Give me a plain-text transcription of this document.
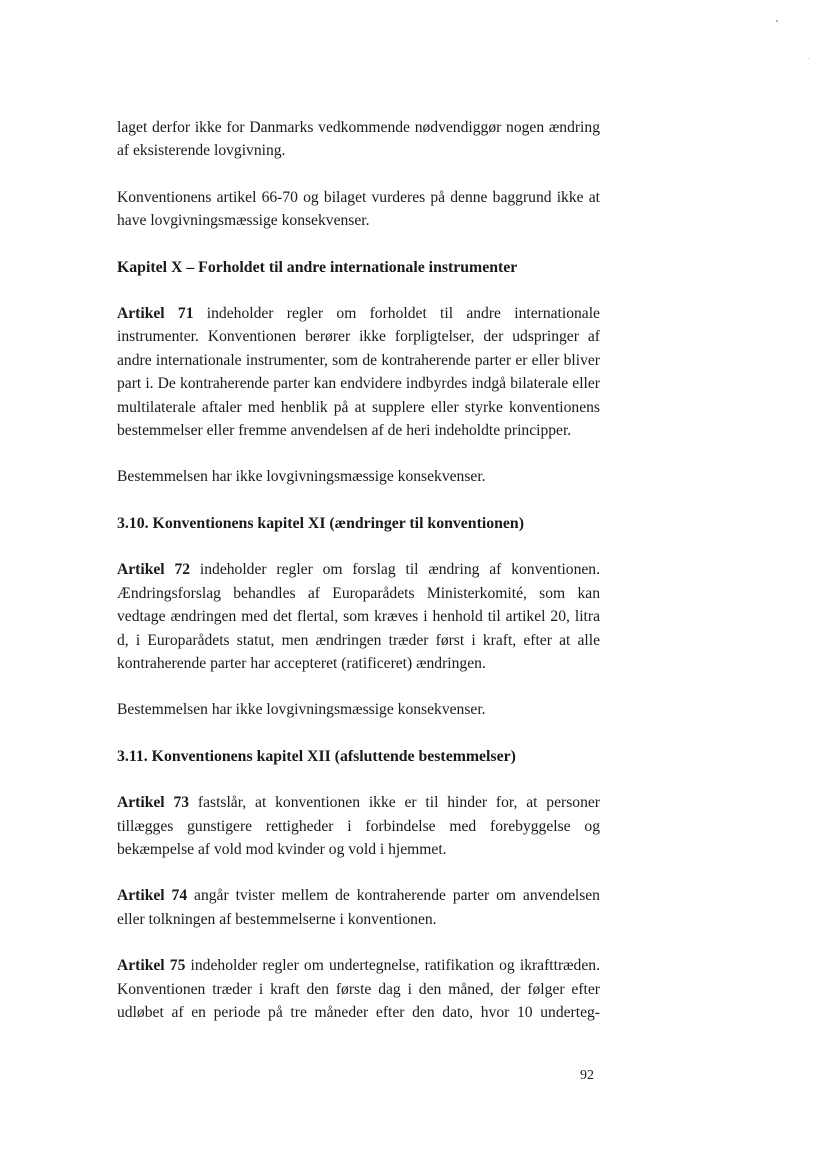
laget derfor ikke for Danmarks vedkommende nødvendiggør nogen ændring af eksisterende lovgivning.

Konventionens artikel 66-70 og bilaget vurderes på denne baggrund ikke at have lovgivningsmæssige konsekvenser.

Kapitel X – Forholdet til andre internationale instrumenter

Artikel 71 indeholder regler om forholdet til andre internationale instrumenter. Konventionen berører ikke forpligtelser, der udspringer af andre internationale instrumenter, som de kontraherende parter er eller bliver part i. De kontraherende parter kan endvidere indbyrdes indgå bilaterale eller multilaterale aftaler med henblik på at supplere eller styrke konventionens bestemmelser eller fremme anvendelsen af de heri indeholdte principper.

Bestemmelsen har ikke lovgivningsmæssige konsekvenser.

3.10. Konventionens kapitel XI (ændringer til konventionen)

Artikel 72 indeholder regler om forslag til ændring af konventionen. Ændringsforslag behandles af Europarådets Ministerkomité, som kan vedtage ændringen med det flertal, som kræves i henhold til artikel 20, litra d, i Europarådets statut, men ændringen træder først i kraft, efter at alle kontraherende parter har accepteret (ratificeret) ændringen.

Bestemmelsen har ikke lovgivningsmæssige konsekvenser.

3.11. Konventionens kapitel XII (afsluttende bestemmelser)

Artikel 73 fastslår, at konventionen ikke er til hinder for, at personer tillægges gunstigere rettigheder i forbindelse med forebyggelse og bekæmpelse af vold mod kvinder og vold i hjemmet.

Artikel 74 angår tvister mellem de kontraherende parter om anvendelsen eller tolkningen af bestemmelserne i konventionen.

Artikel 75 indeholder regler om undertegnelse, ratifikation og ikrafttræden. Konventionen træder i kraft den første dag i den måned, der følger efter udløbet af en periode på tre måneder efter den dato, hvor 10 underteg-

92
